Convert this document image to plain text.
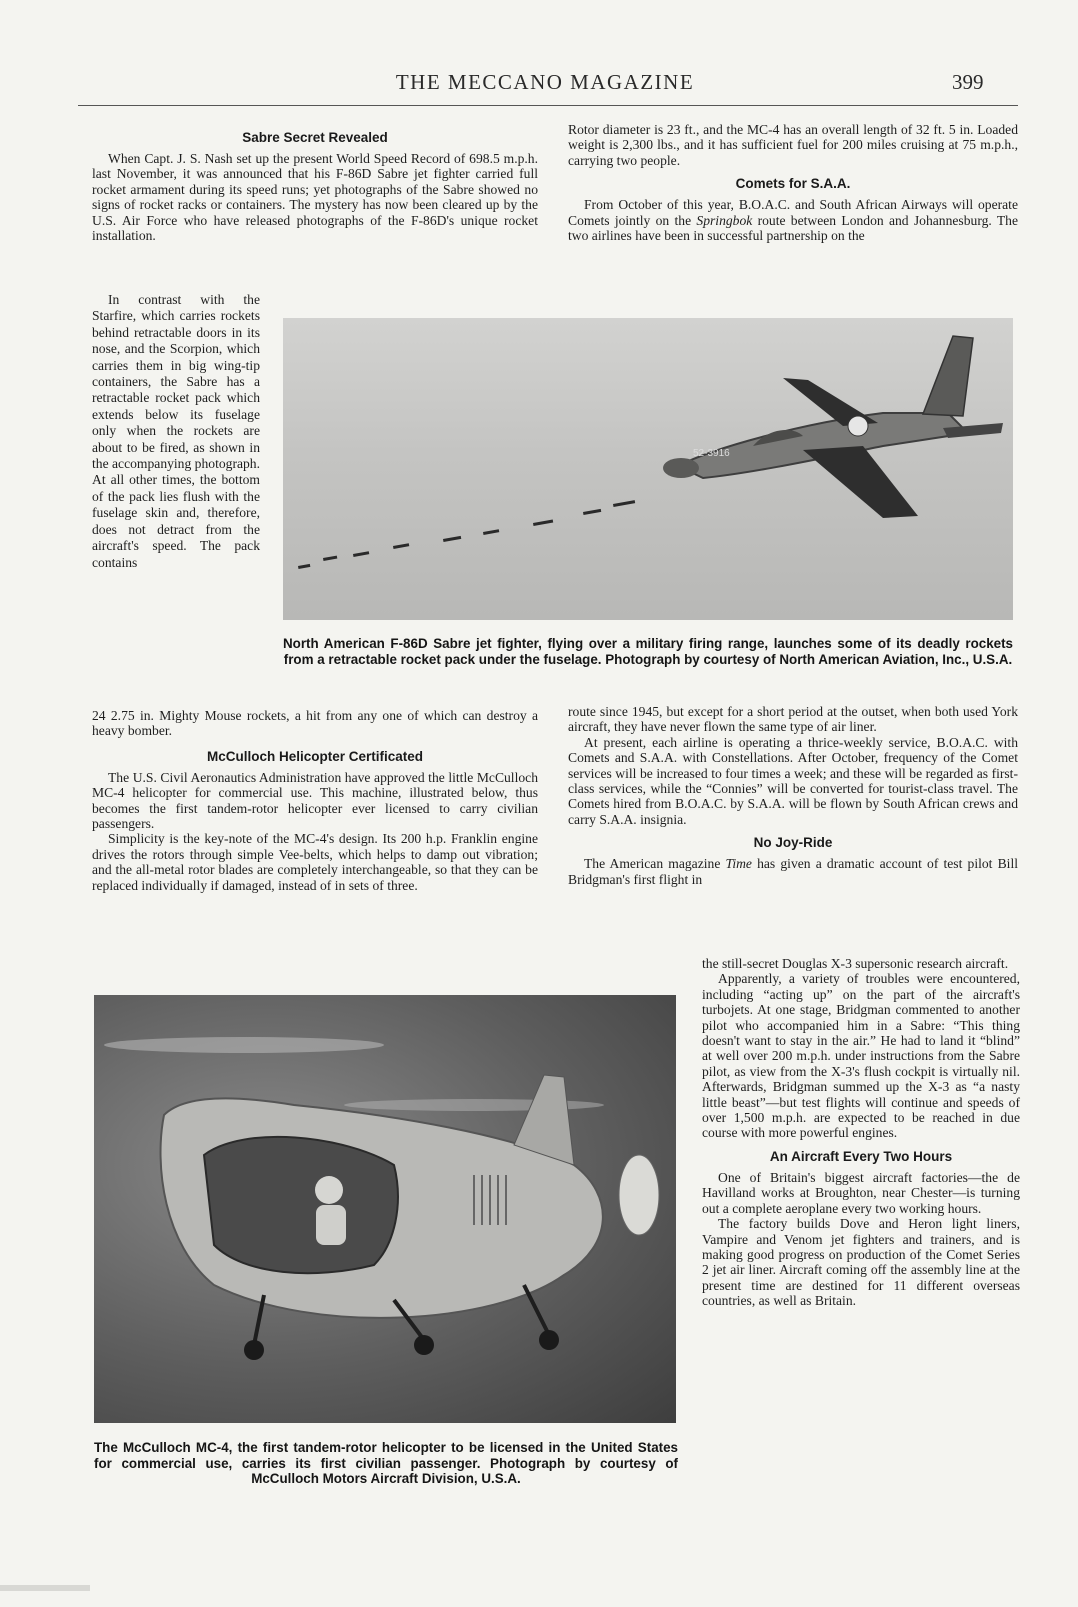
THE MECCANO MAGAZINE	399
Sabre Secret Revealed

When Capt. J. S. Nash set up the present World Speed Record of 698.5 m.p.h. last November, it was announced that his F-86D Sabre jet fighter carried full rocket armament during its speed runs; yet photographs of the Sabre showed no signs of rocket racks or containers. The mystery has now been cleared up by the U.S. Air Force who have released photographs of the F-86D's unique rocket installation.

In contrast with the Starfire, which carries rockets behind retractable doors in its nose, and the Scorpion, which carries them in big wing-tip containers, the Sabre has a retractable rocket pack which extends below its fuselage only when the rockets are about to be fired, as shown in the accompanying photograph. At all other times, the bottom of the pack lies flush with the fuselage skin and, therefore, does not detract from the aircraft's speed. The pack contains

24 2.75 in. Mighty Mouse rockets, a hit from any one of which can destroy a heavy bomber.

McCulloch Helicopter Certificated

The U.S. Civil Aeronautics Administration have approved the little McCulloch MC-4 helicopter for commercial use. This machine, illustrated below, thus becomes the first tandem-rotor helicopter ever licensed to carry civilian passengers.

Simplicity is the key-note of the MC-4's design. Its 200 h.p. Franklin engine drives the rotors through simple Vee-belts, which helps to damp out vibration; and the all-metal rotor blades are completely interchangeable, so that they can be replaced individually if damaged, instead of in sets of three.

Rotor diameter is 23 ft., and the MC-4 has an overall length of 32 ft. 5 in. Loaded weight is 2,300 lbs., and it has sufficient fuel for 200 miles cruising at 75 m.p.h., carrying two people.

Comets for S.A.A.

From October of this year, B.O.A.C. and South African Airways will operate Comets jointly on the Springbok route between London and Johannesburg. The two airlines have been in successful partnership on the

52-3916
North American F-86D Sabre jet fighter, flying over a military firing range, launches some of its deadly rockets from a retractable rocket pack under the fuselage. Photograph by courtesy of North American Aviation, Inc., U.S.A.

route since 1945, but except for a short period at the outset, when both used York aircraft, they have never flown the same type of air liner.

At present, each airline is operating a thrice-weekly service, B.O.A.C. with Comets and S.A.A. with Constellations. After October, frequency of the Comet services will be increased to four times a week; and these will be regarded as first-class services, while the “Connies” will be converted for tourist-class travel. The Comets hired from B.O.A.C. by S.A.A. will be flown by South African crews and carry S.A.A. insignia.

No Joy-Ride

The American magazine Time has given a dramatic account of test pilot Bill Bridgman's first flight in

the still-secret Douglas X-3 supersonic research aircraft.

Apparently, a variety of troubles were encountered, including “acting up” on the part of the aircraft's turbojets. At one stage, Bridgman commented to another pilot who accompanied him in a Sabre: “This thing doesn't want to stay in the air.” He had to land it “blind” at well over 200 m.p.h. under instructions from the Sabre pilot, as view from the X-3's flush cockpit is virtually nil. Afterwards, Bridgman summed up the X-3 as “a nasty little beast”—but test flights will continue and speeds of over 1,500 m.p.h. are expected to be reached in due course with more powerful engines.

An Aircraft Every Two Hours

One of Britain's biggest aircraft factories—the de Havilland works at Broughton, near Chester—is turning out a complete aeroplane every two working hours.

The factory builds Dove and Heron light liners, Vampire and Venom jet fighters and trainers, and is making good progress on production of the Comet Series 2 jet air liner. Aircraft coming off the assembly line at the present time are destined for 11 different overseas countries, as well as Britain.

The McCulloch MC-4, the first tandem-rotor helicopter to be licensed in the United States for commercial use, carries its first civilian passenger. Photograph by courtesy of McCulloch Motors Aircraft Division, U.S.A.
